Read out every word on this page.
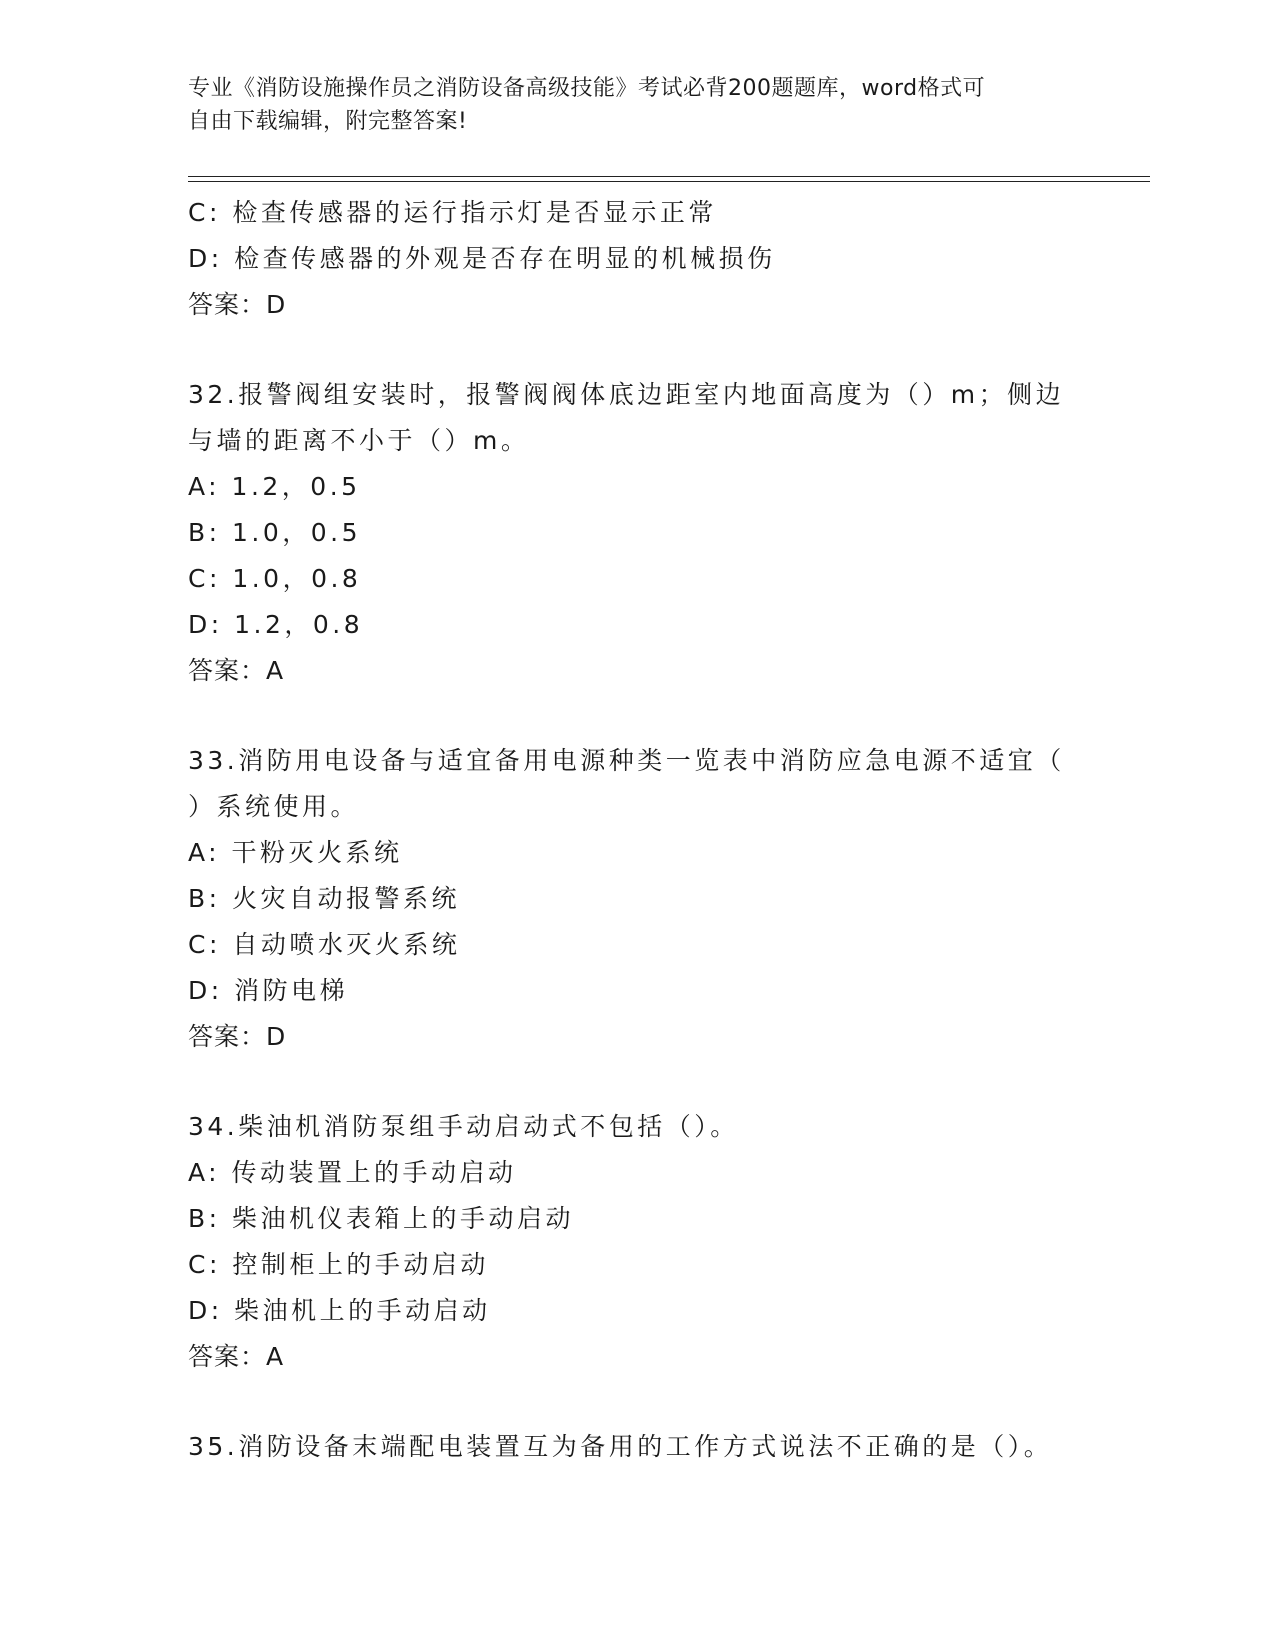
专业《消防设施操作员之消防设备高级技能》考试必背200题题库，word格式可
自由下载编辑，附完整答案!
C: 检查传感器的运行指示灯是否显示正常
D: 检查传感器的外观是否存在明显的机械损伤
答案：D
32.报警阀组安装时，报警阀阀体底边距室内地面高度为（）m；侧边
与墙的距离不小于（）m。
A: 1.2，0.5
B: 1.0，0.5
C: 1.0，0.8
D: 1.2，0.8
答案：A
33.消防用电设备与适宜备用电源种类一览表中消防应急电源不适宜（
）系统使用。
A: 干粉灭火系统
B: 火灾自动报警系统
C: 自动喷水灭火系统
D: 消防电梯
答案：D
34.柴油机消防泵组手动启动式不包括（）。
A: 传动装置上的手动启动
B: 柴油机仪表箱上的手动启动
C: 控制柜上的手动启动
D: 柴油机上的手动启动
答案：A
35.消防设备末端配电装置互为备用的工作方式说法不正确的是（）。
